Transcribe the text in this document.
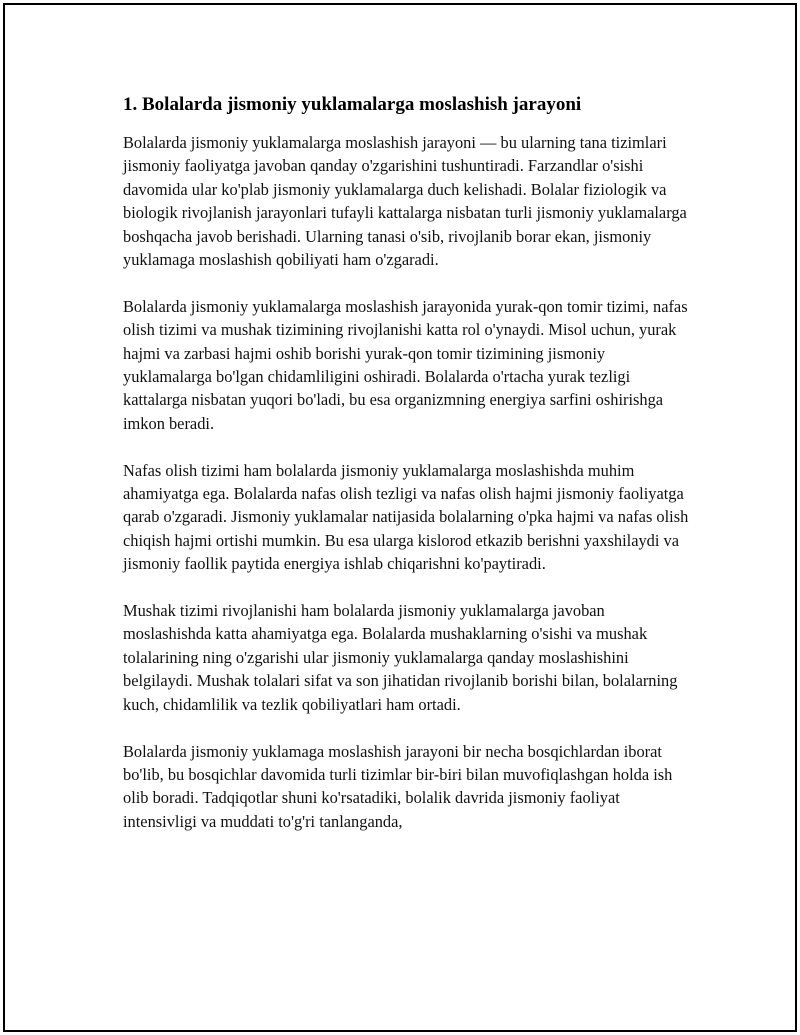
1. Bolalarda jismoniy yuklamalarga moslashish jarayoni

Bolalarda jismoniy yuklamalarga moslashish jarayoni — bu ularning tana tizimlari jismoniy faoliyatga javoban qanday o'zgarishini tushuntiradi. Farzandlar o'sishi davomida ular ko'plab jismoniy yuklamalarga duch kelishadi. Bolalar fiziologik va biologik rivojlanish jarayonlari tufayli kattalarga nisbatan turli jismoniy yuklamalarga boshqacha javob berishadi. Ularning tanasi o'sib, rivojlanib borar ekan, jismoniy yuklamaga moslashish qobiliyati ham o'zgaradi.

Bolalarda jismoniy yuklamalarga moslashish jarayonida yurak-qon tomir tizimi, nafas olish tizimi va mushak tizimining rivojlanishi katta rol o'ynaydi. Misol uchun, yurak hajmi va zarbasi hajmi oshib borishi yurak-qon tomir tizimining jismoniy yuklamalarga bo'lgan chidamliligini oshiradi. Bolalarda o'rtacha yurak tezligi kattalarga nisbatan yuqori bo'ladi, bu esa organizmning energiya sarfini oshirishga imkon beradi.

Nafas olish tizimi ham bolalarda jismoniy yuklamalarga moslashishda muhim ahamiyatga ega. Bolalarda nafas olish tezligi va nafas olish hajmi jismoniy faoliyatga qarab o'zgaradi. Jismoniy yuklamalar natijasida bolalarning o'pka hajmi va nafas olish chiqish hajmi ortishi mumkin. Bu esa ularga kislorod etkazib berishni yaxshilaydi va jismoniy faollik paytida energiya ishlab chiqarishni ko'paytiradi.

Mushak tizimi rivojlanishi ham bolalarda jismoniy yuklamalarga javoban moslashishda katta ahamiyatga ega. Bolalarda mushaklarning o'sishi va mushak tolalarining ning o'zgarishi ular jismoniy yuklamalarga qanday moslashishini belgilaydi. Mushak tolalari sifat va son jihatidan rivojlanib borishi bilan, bolalarning kuch, chidamlilik va tezlik qobiliyatlari ham ortadi.

Bolalarda jismoniy yuklamaga moslashish jarayoni bir necha bosqichlardan iborat bo'lib, bu bosqichlar davomida turli tizimlar bir-biri bilan muvofiqlashgan holda ish olib boradi. Tadqiqotlar shuni ko'rsatadiki, bolalik davrida jismoniy faoliyat intensivligi va muddati to'g'ri tanlanganda,
